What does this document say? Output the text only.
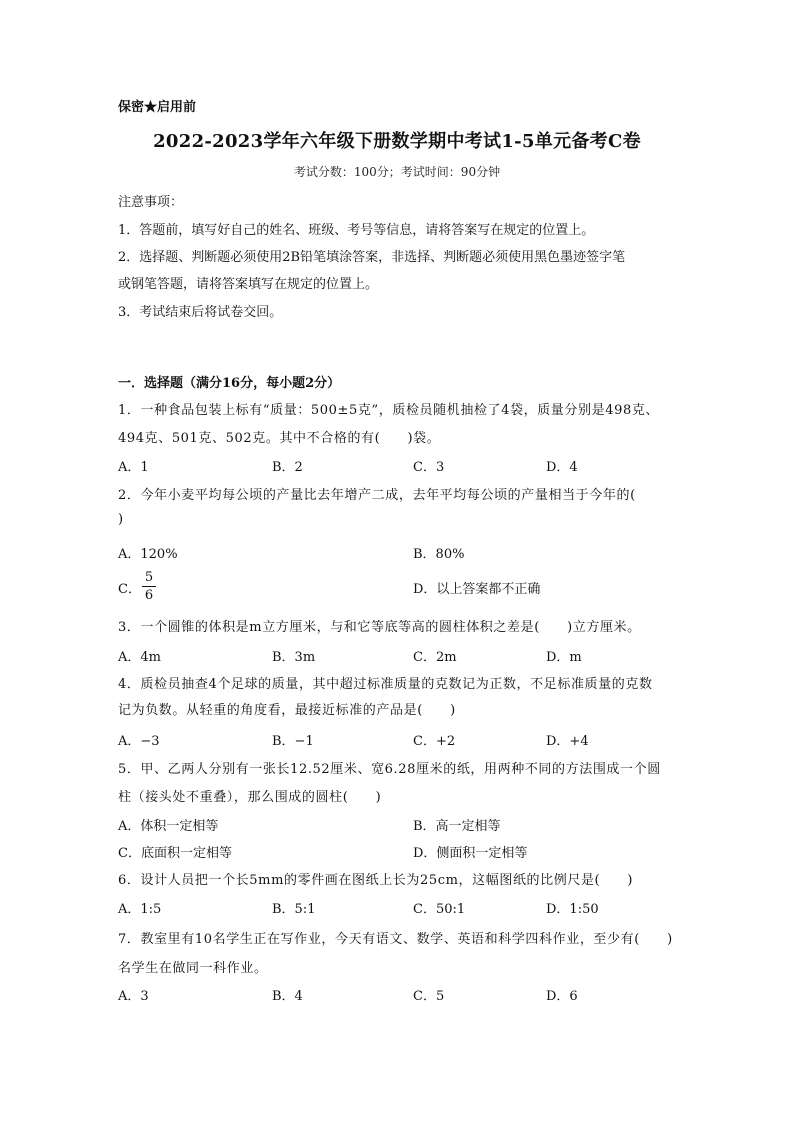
保密★启用前
2022-2023学年六年级下册数学期中考试1-5单元备考C卷
考试分数：100分；考试时间：90分钟
注意事项：
1．答题前，填写好自己的姓名、班级、考号等信息，请将答案写在规定的位置上。
2．选择题、判断题必须使用2B铅笔填涂答案，非选择、判断题必须使用黑色墨迹签字笔
或钢笔答题，请将答案填写在规定的位置上。
3．考试结束后将试卷交回。
一．选择题（满分16分，每小题2分）
1．一种食品包装上标有“质量：500±5克”，质检员随机抽检了4袋，质量分别是498克、
494克、501克、502克。其中不合格的有(　　)袋。
A．1	B．2	C．3	D．4
2．今年小麦平均每公顷的产量比去年增产二成，去年平均每公顷的产量相当于今年的(
)
A．120%	B．80%
C．
5
6	D．以上答案都不正确
3．一个圆锥的体积是m立方厘米，与和它等底等高的圆柱体积之差是(　　)立方厘米。
A．4m	B．3m	C．2m	D．m
4．质检员抽查4个足球的质量，其中超过标准质量的克数记为正数，不足标准质量的克数
记为负数。从轻重的角度看，最接近标准的产品是(　　)
A．−3	B．−1	C．+2	D．+4
5．甲、乙两人分别有一张长12.52厘米、宽6.28厘米的纸，用两种不同的方法围成一个圆
柱（接头处不重叠），那么围成的圆柱(　　)
A．体积一定相等	B．高一定相等
C．底面积一定相等	D．侧面积一定相等
6．设计人员把一个长5mm的零件画在图纸上长为25cm，这幅图纸的比例尺是(　　)
A．1:5	B．5:1	C．50:1	D．1:50
7．教室里有10名学生正在写作业，今天有语文、数学、英语和科学四科作业，至少有(　　)
名学生在做同一科作业。
A．3	B．4	C．5	D．6
